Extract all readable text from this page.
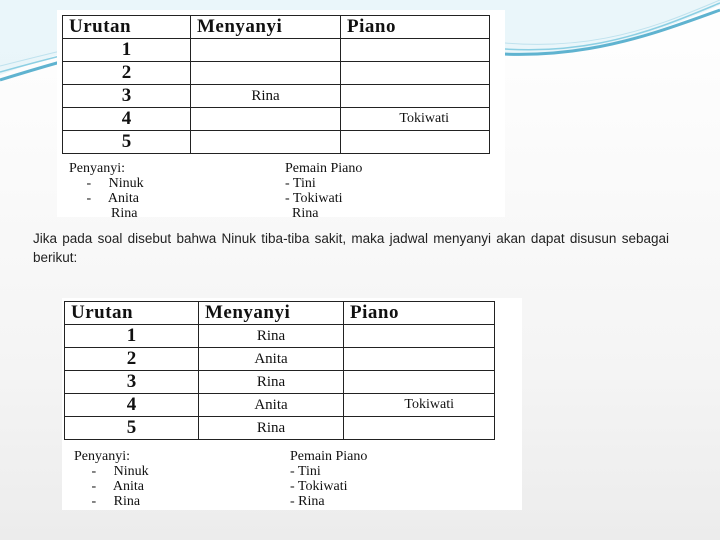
Urutan	Menyanyi	Piano
1		
2		
3	Rina	
4		Tokiwati
5		
Penyanyi:
-     Ninuk
-     Anita
Rina
Pemain Piano
- Tini
- Tokiwati
Rina
Jika pada soal disebut bahwa Ninuk tiba-tiba sakit, maka jadwal menyanyi akan dapat disusun sebagai berikut:
Urutan	Menyanyi	Piano
1	Rina	
2	Anita	
3	Rina	
4	Anita	Tokiwati
5	Rina	
Penyanyi:
-     Ninuk
-     Anita
-     Rina
Pemain Piano
- Tini
- Tokiwati
- Rina
